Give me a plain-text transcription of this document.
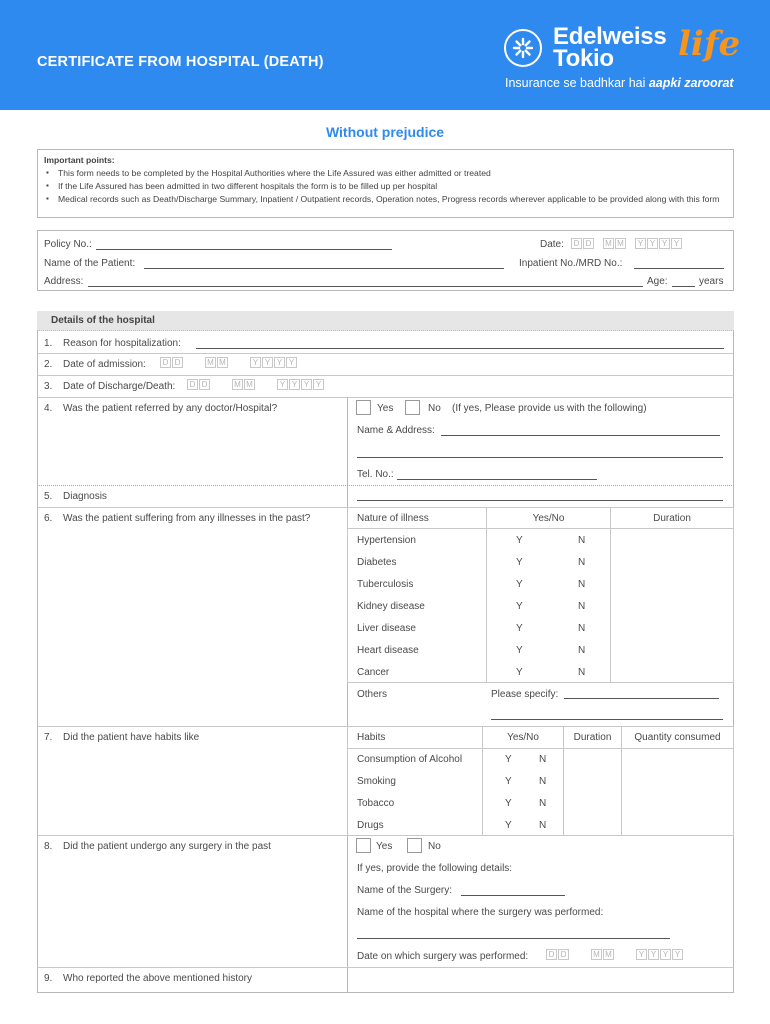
CERTIFICATE FROM HOSPITAL (DEATH)
Edelweiss
Tokio life
Insurance se badhkar hai aapki zaroorat
Without prejudice
Important points:
▪ This form needs to be completed by the Hospital Authorities where the Life Assured was either admitted or treated
▪ If the Life Assured has been admitted in two different hospitals the form is to be filled up per hospital
▪ Medical records such as Death/Discharge Summary, Inpatient / Outpatient records, Operation notes, Progress records wherever applicable to be provided along with this form
Policy No.:	Date:	D D	M M	Y Y Y Y
Name of the Patient:	Inpatient No./MRD No.:
Address:	Age:	years
Details of the hospital
1. Reason for hospitalization:
2. Date of admission:	D D	M M	Y Y Y Y
3. Date of Discharge/Death:	D D	M M	Y Y Y Y
4. Was the patient referred by any doctor/Hospital?	Yes	No (If yes, Please provide us with the following)
Name & Address:
Tel. No.:
5. Diagnosis
6. Was the patient suffering from any illnesses in the past?	Nature of illness	Yes/No	Duration
Hypertension	Y	N
Diabetes	Y	N
Tuberculosis	Y	N
Kidney disease	Y	N
Liver disease	Y	N
Heart disease	Y	N
Cancer	Y	N
Others	Please specify:
7. Did the patient have habits like	Habits	Yes/No	Duration	Quantity consumed
Consumption of Alcohol	Y	N
Smoking	Y	N
Tobacco	Y	N
Drugs	Y	N
8. Did the patient undergo any surgery in the past	Yes	No
If yes, provide the following details:
Name of the Surgery:
Name of the hospital where the surgery was performed:
Date on which surgery was performed:	D D	M M	Y Y Y Y
9. Who reported the above mentioned history
